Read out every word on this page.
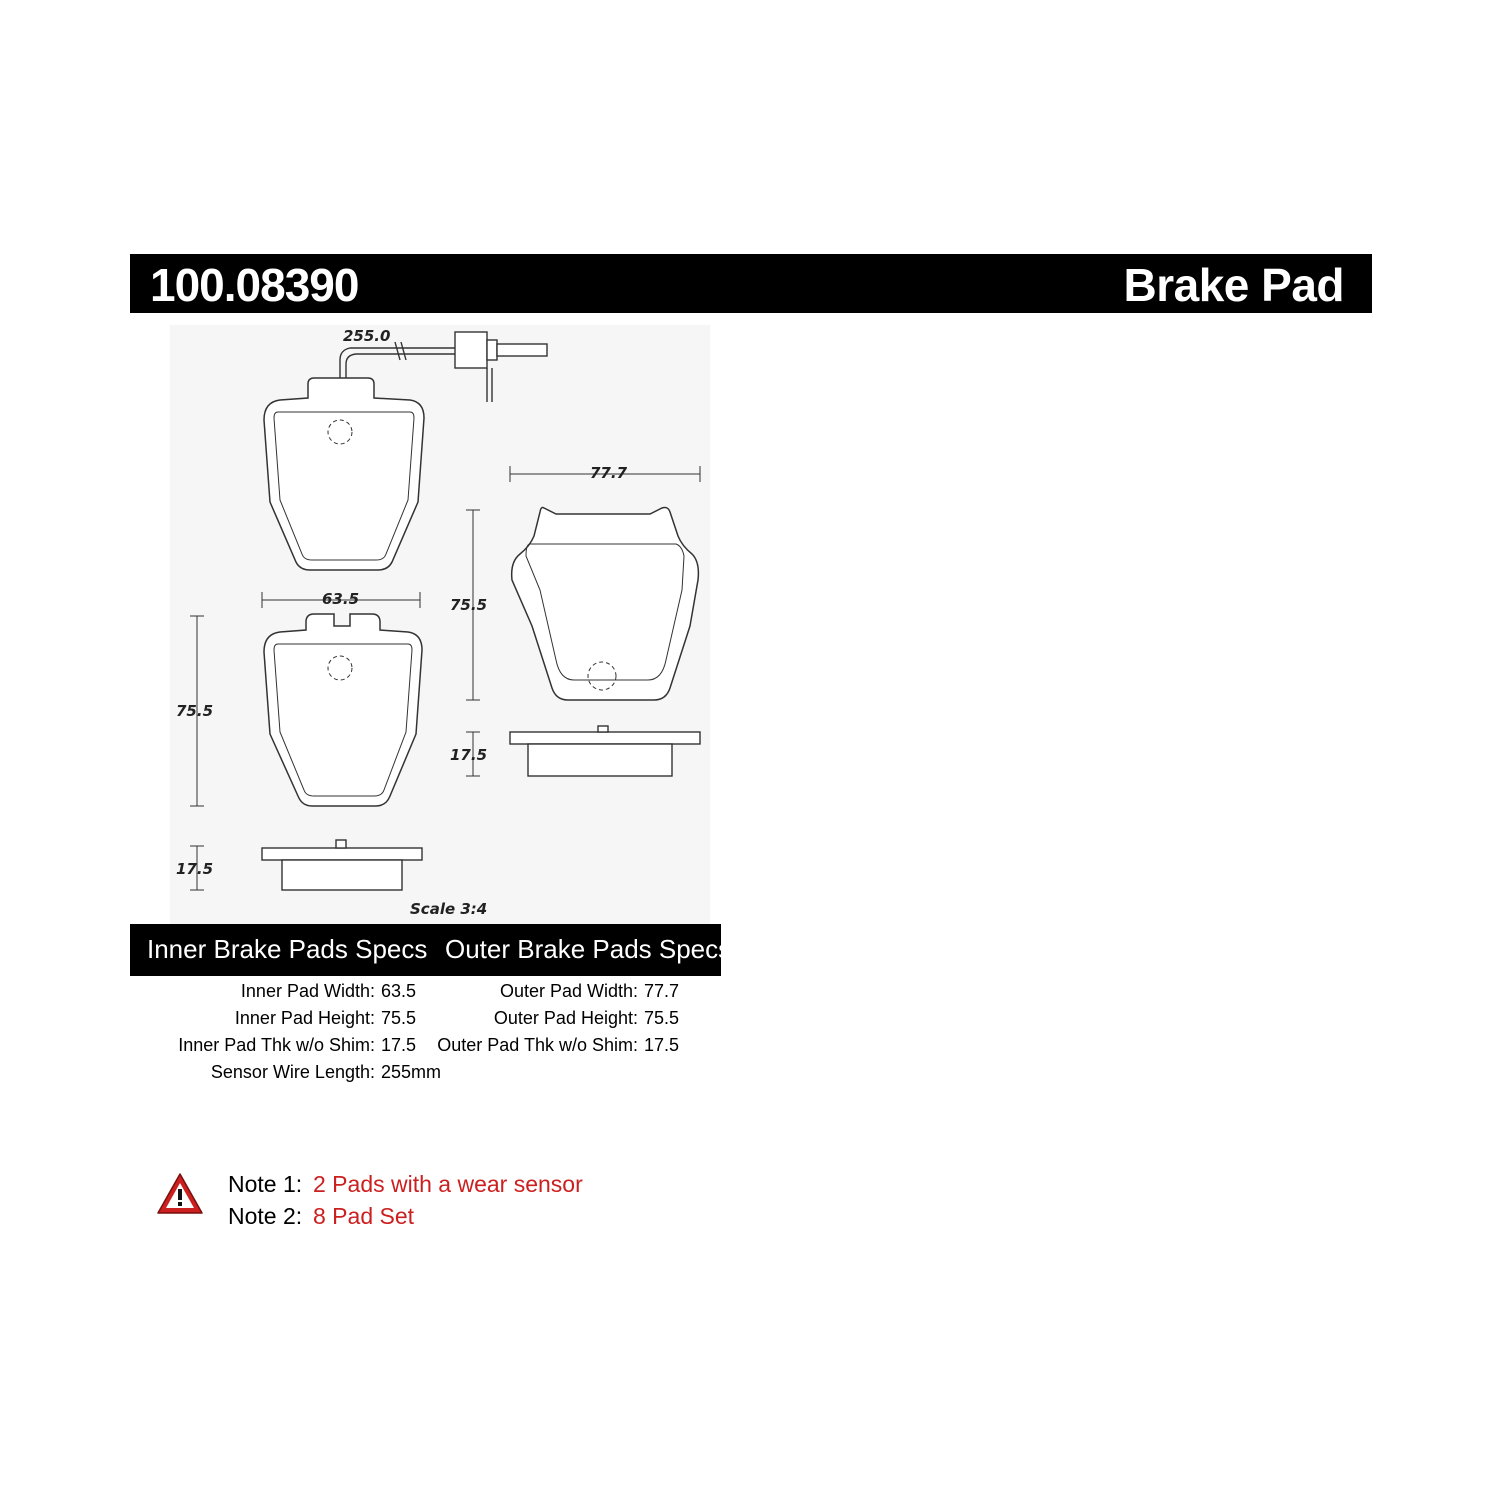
100.08390	Brake Pad
255.0
63.5
75.5
17.5
77.7
75.5
17.5
Scale 3:4
Inner Brake Pads Specs Outer Brake Pads Specs
Inner Pad Width: 63.5
Inner Pad Height: 75.5
Inner Pad Thk w/o Shim: 17.5
Sensor Wire Length: 255mm
Outer Pad Width: 77.7
Outer Pad Height: 75.5
Outer Pad Thk w/o Shim: 17.5
Note 1: 2 Pads with a wear sensor
Note 2: 8 Pad Set
